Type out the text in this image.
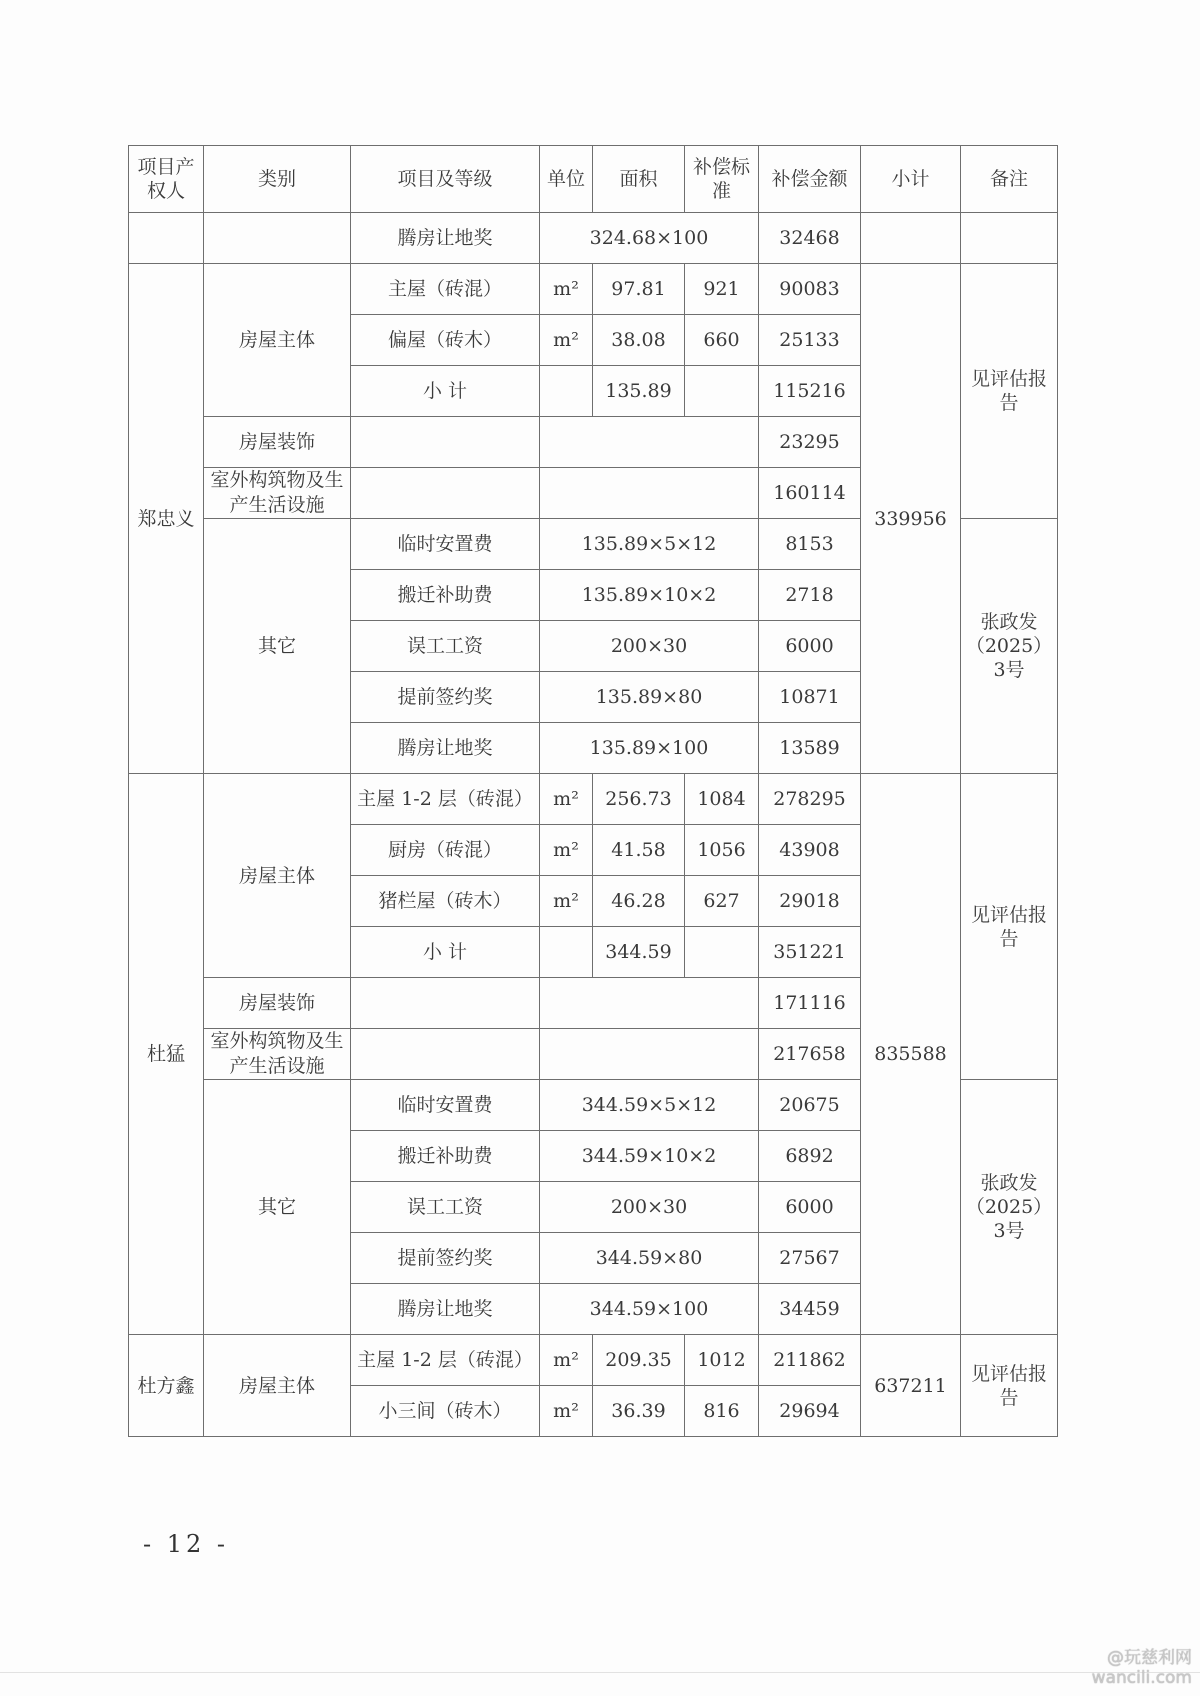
项目产权人	类别	项目及等级	单位	面积	补偿标准	补偿金额	小计	备注
		腾房让地奖	324.68×100			32468		
郑忠义	房屋主体	主屋（砖混）	m²	97.81	921	90083	339956	见评估报告
		偏屋（砖木）	m²	38.08	660	25133		
		小 计		135.89		115216		
	房屋装饰					23295		
	室外构筑物及生产生活设施					160114		
	其它	临时安置费	135.89×5×12			8153		张政发（2025）3号
		搬迁补助费	135.89×10×2			2718		
		误工工资	200×30			6000		
		提前签约奖	135.89×80			10871		
		腾房让地奖	135.89×100			13589		
杜猛	房屋主体	主屋 1-2 层（砖混）	m²	256.73	1084	278295	835588	见评估报告
		厨房（砖混）	m²	41.58	1056	43908		
		猪栏屋（砖木）	m²	46.28	627	29018		
		小 计		344.59		351221		
	房屋装饰					171116		
	室外构筑物及生产生活设施					217658		
	其它	临时安置费	344.59×5×12			20675		张政发（2025）3号
		搬迁补助费	344.59×10×2			6892		
		误工工资	200×30			6000		
		提前签约奖	344.59×80			27567		
		腾房让地奖	344.59×100			34459		
杜方鑫	房屋主体	主屋 1-2 层（砖混）	m²	209.35	1012	211862	637211	见评估报告
		小三间（砖木）	m²	36.39	816	29694		
- 12 -
@玩慈利网
wancili.com
